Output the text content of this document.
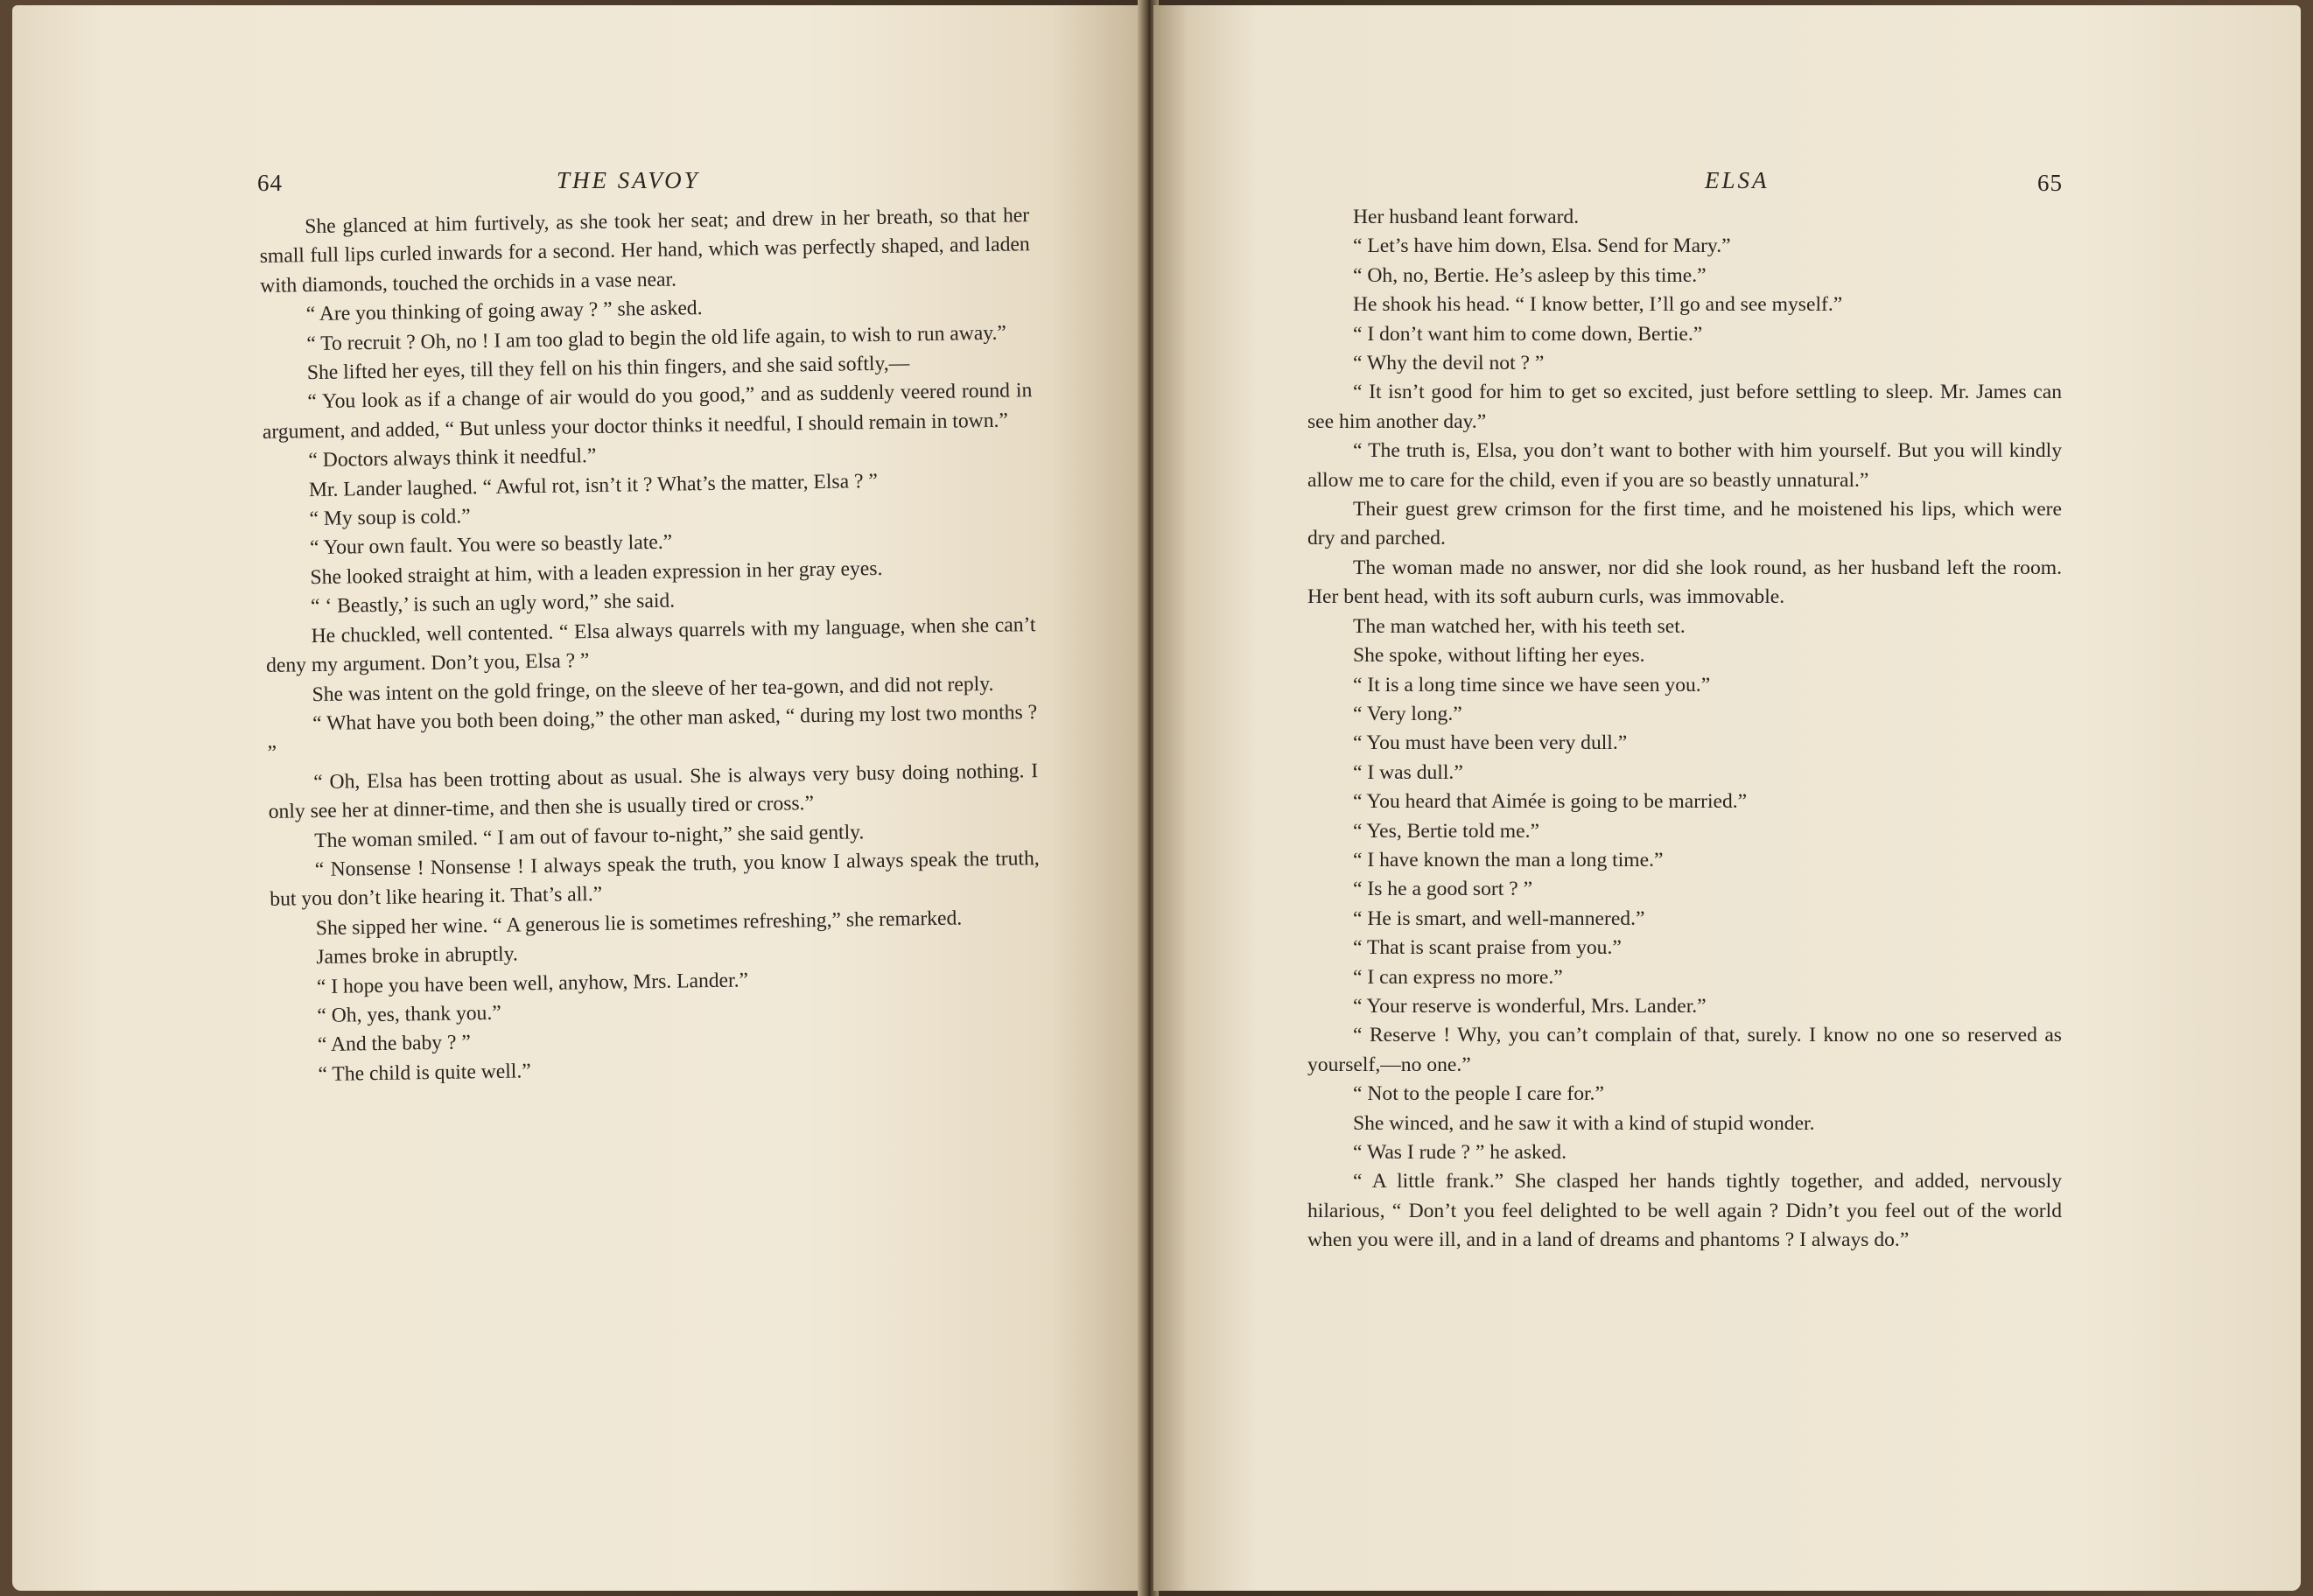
64	THE SAVOY

She glanced at him furtively, as she took her seat; and drew in her breath, so that her small full lips curled inwards for a second. Her hand, which was perfectly shaped, and laden with diamonds, touched the orchids in a vase near.

“ Are you thinking of going away ? ” she asked.

“ To recruit ? Oh, no ! I am too glad to begin the old life again, to wish to run away.”

She lifted her eyes, till they fell on his thin fingers, and she said softly,—

“ You look as if a change of air would do you good,” and as suddenly veered round in argument, and added, “ But unless your doctor thinks it needful, I should remain in town.”

“ Doctors always think it needful.”

Mr. Lander laughed. “ Awful rot, isn’t it ? What’s the matter, Elsa ? ”

“ My soup is cold.”

“ Your own fault. You were so beastly late.”

She looked straight at him, with a leaden expression in her gray eyes.

“ ‘ Beastly,’ is such an ugly word,” she said.

He chuckled, well contented. “ Elsa always quarrels with my language, when she can’t deny my argument. Don’t you, Elsa ? ”

She was intent on the gold fringe, on the sleeve of her tea-gown, and did not reply.

“ What have you both been doing,” the other man asked, “ during my lost two months ? ”

“ Oh, Elsa has been trotting about as usual. She is always very busy doing nothing. I only see her at dinner-time, and then she is usually tired or cross.”

The woman smiled. “ I am out of favour to-night,” she said gently.

“ Nonsense ! Nonsense ! I always speak the truth, you know I always speak the truth, but you don’t like hearing it. That’s all.”

She sipped her wine. “ A generous lie is sometimes refreshing,” she remarked.

James broke in abruptly.

“ I hope you have been well, anyhow, Mrs. Lander.”

“ Oh, yes, thank you.”

“ And the baby ? ”

“ The child is quite well.”

ELSA	65

Her husband leant forward.

“ Let’s have him down, Elsa. Send for Mary.”

“ Oh, no, Bertie. He’s asleep by this time.”

He shook his head. “ I know better, I’ll go and see myself.”

“ I don’t want him to come down, Bertie.”

“ Why the devil not ? ”

“ It isn’t good for him to get so excited, just before settling to sleep. Mr. James can see him another day.”

“ The truth is, Elsa, you don’t want to bother with him yourself. But you will kindly allow me to care for the child, even if you are so beastly unnatural.”

Their guest grew crimson for the first time, and he moistened his lips, which were dry and parched.

The woman made no answer, nor did she look round, as her husband left the room. Her bent head, with its soft auburn curls, was immovable.

The man watched her, with his teeth set.

She spoke, without lifting her eyes.

“ It is a long time since we have seen you.”

“ Very long.”

“ You must have been very dull.”

“ I was dull.”

“ You heard that Aimée is going to be married.”

“ Yes, Bertie told me.”

“ I have known the man a long time.”

“ Is he a good sort ? ”

“ He is smart, and well-mannered.”

“ That is scant praise from you.”

“ I can express no more.”

“ Your reserve is wonderful, Mrs. Lander.”

“ Reserve ! Why, you can’t complain of that, surely. I know no one so reserved as yourself,—no one.”

“ Not to the people I care for.”

She winced, and he saw it with a kind of stupid wonder.

“ Was I rude ? ” he asked.

“ A little frank.” She clasped her hands tightly together, and added, nervously hilarious, “ Don’t you feel delighted to be well again ? Didn’t you feel out of the world when you were ill, and in a land of dreams and phantoms ? I always do.”
